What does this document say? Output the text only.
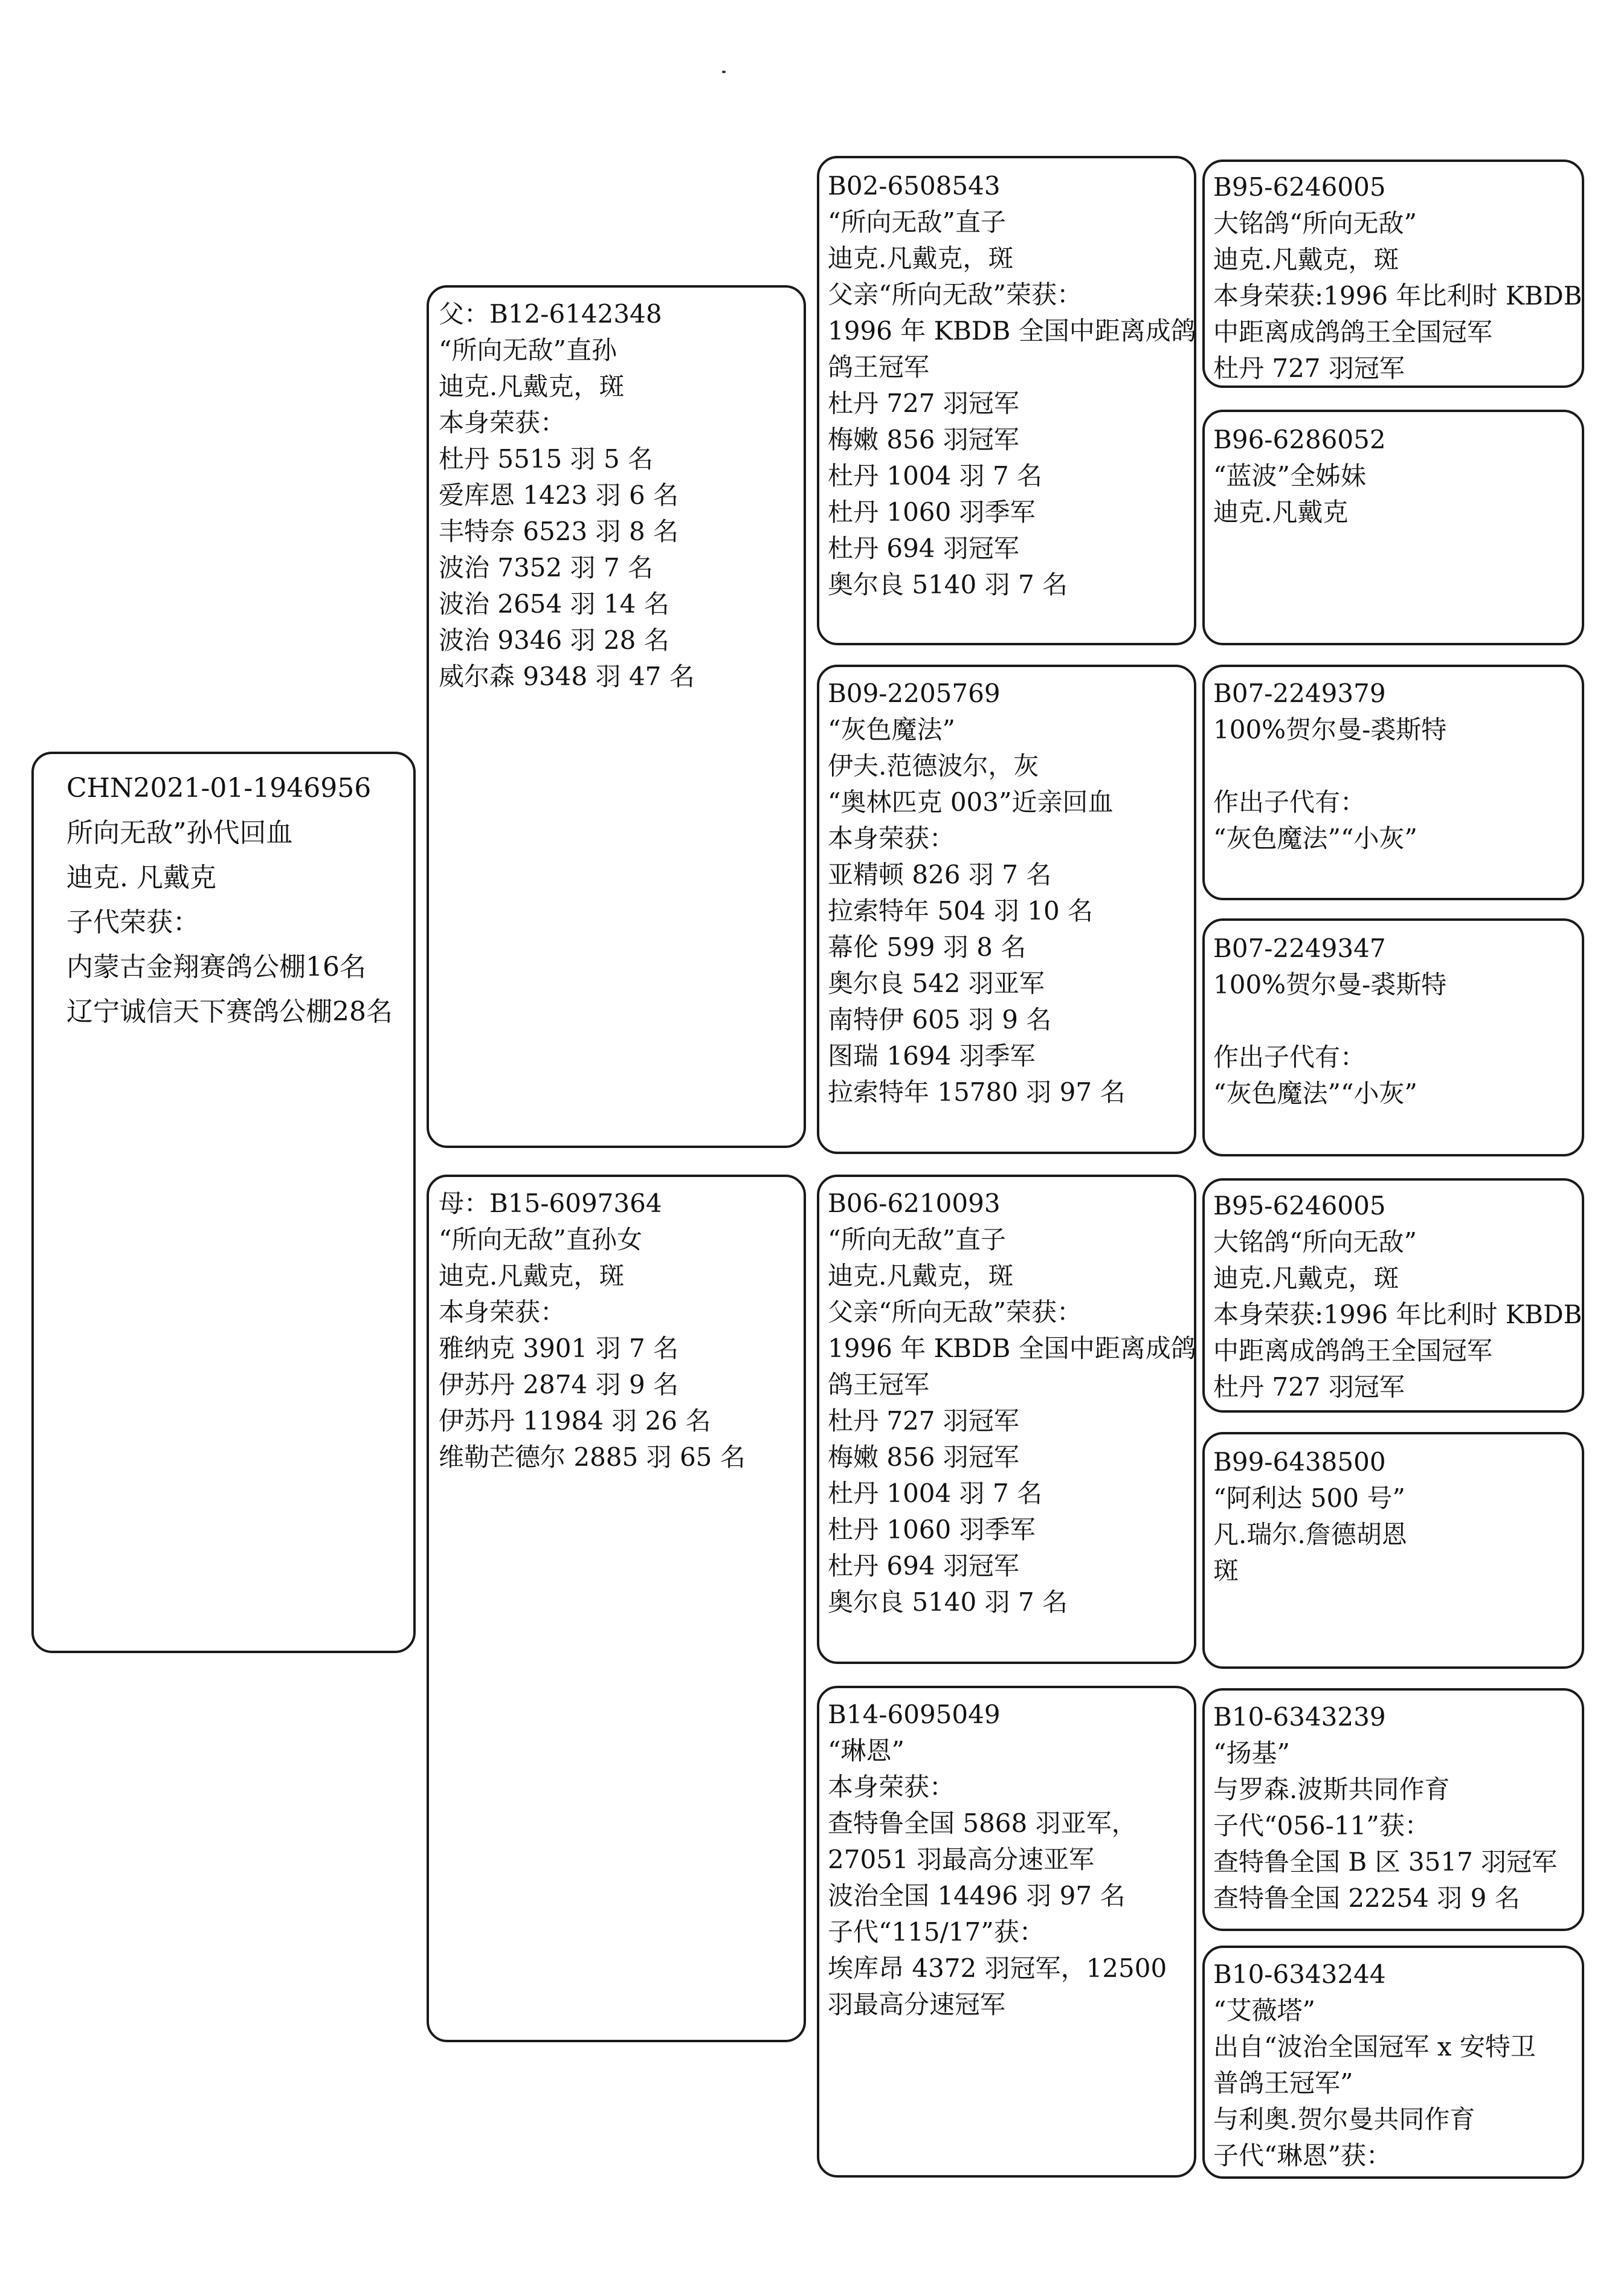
CHN2021-01-1946956
所向无敌”孙代回血
迪克. 凡戴克
子代荣获：
内蒙古金翔赛鸽公棚16名
辽宁诚信天下赛鸽公棚28名
父：B12-6142348
“所向无敌”直孙
迪克.凡戴克，斑
本身荣获：
杜丹 5515 羽 5 名
爱库恩 1423 羽 6 名
丰特奈 6523 羽 8 名
波治 7352 羽 7 名
波治 2654 羽 14 名
波治 9346 羽 28 名
威尔森 9348 羽 47 名
母：B15-6097364
“所向无敌”直孙女
迪克.凡戴克，斑
本身荣获：
雅纳克 3901 羽 7 名
伊苏丹 2874 羽 9 名
伊苏丹 11984 羽 26 名
维勒芒德尔 2885 羽 65 名
B02-6508543
“所向无敌”直子
迪克.凡戴克，斑
父亲“所向无敌”荣获：
1996 年 KBDB 全国中距离成鸽
鸽王冠军
杜丹 727 羽冠军
梅嫩 856 羽冠军
杜丹 1004 羽 7 名
杜丹 1060 羽季军
杜丹 694 羽冠军
奥尔良 5140 羽 7 名
B09-2205769
“灰色魔法”
伊夫.范德波尔，灰
“奥林匹克 003”近亲回血
本身荣获：
亚精顿 826 羽 7 名
拉索特年 504 羽 10 名
幕伦 599 羽 8 名
奥尔良 542 羽亚军
南特伊 605 羽 9 名
图瑞 1694 羽季军
拉索特年 15780 羽 97 名
B06-6210093
“所向无敌”直子
迪克.凡戴克，斑
父亲“所向无敌”荣获：
1996 年 KBDB 全国中距离成鸽
鸽王冠军
杜丹 727 羽冠军
梅嫩 856 羽冠军
杜丹 1004 羽 7 名
杜丹 1060 羽季军
杜丹 694 羽冠军
奥尔良 5140 羽 7 名
B14-6095049
“琳恩”
本身荣获：
查特鲁全国 5868 羽亚军，
27051 羽最高分速亚军
波治全国 14496 羽 97 名
子代“115/17”获：
埃库昂 4372 羽冠军，12500
羽最高分速冠军
B95-6246005
大铭鸽“所向无敌”
迪克.凡戴克，斑
本身荣获:1996 年比利时 KBDB
中距离成鸽鸽王全国冠军
杜丹 727 羽冠军
B96-6286052
“蓝波”全姊妹
迪克.凡戴克
B07-2249379
100%贺尔曼-裘斯特
作出子代有：
“灰色魔法”“小灰”
B07-2249347
100%贺尔曼-裘斯特
作出子代有：
“灰色魔法”“小灰”
B95-6246005
大铭鸽“所向无敌”
迪克.凡戴克，斑
本身荣获:1996 年比利时 KBDB
中距离成鸽鸽王全国冠军
杜丹 727 羽冠军
B99-6438500
“阿利达 500 号”
凡.瑞尔.詹德胡恩
斑
B10-6343239
“扬基”
与罗森.波斯共同作育
子代“056-11”获：
查特鲁全国 B 区 3517 羽冠军
查特鲁全国 22254 羽 9 名
B10-6343244
“艾薇塔”
出自“波治全国冠军 x 安特卫
普鸽王冠军”
与利奥.贺尔曼共同作育
子代“琳恩”获：
